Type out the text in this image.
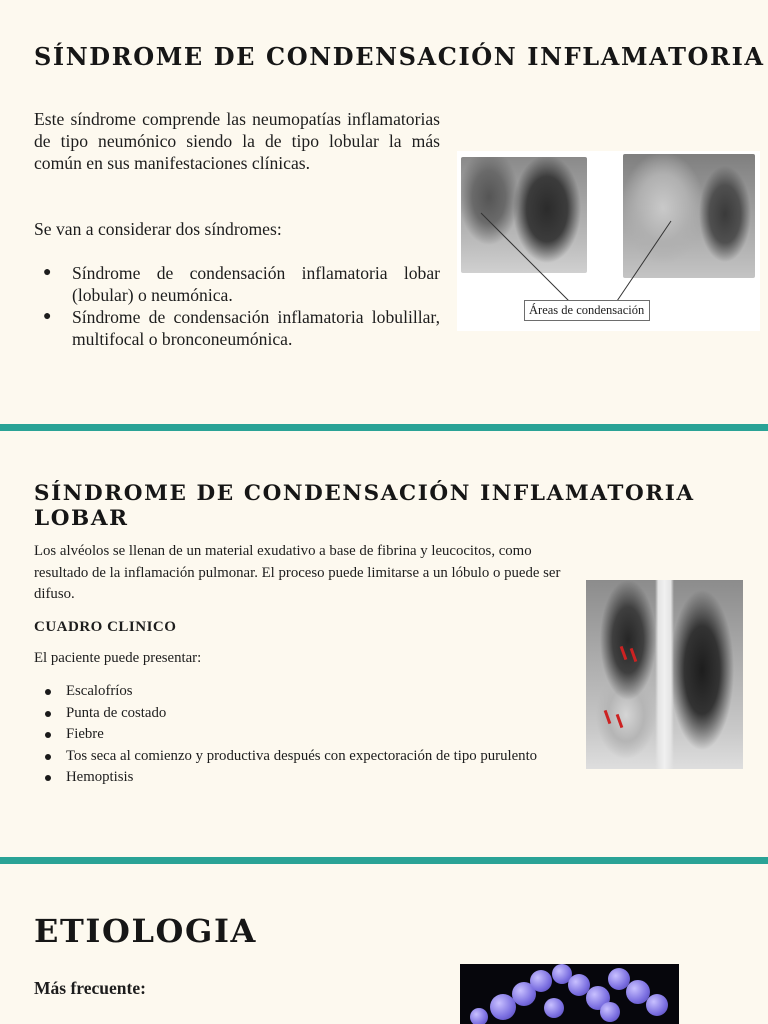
SÍNDROME DE CONDENSACIÓN INFLAMATORIA

Este síndrome comprende las neumopatías inflamatorias de tipo neumónico siendo la de tipo lobular la más común en sus manifestaciones clínicas.

Se van a considerar dos síndromes:

● Síndrome de condensación inflamatoria lobar (lobular) o neumónica.
● Síndrome de condensación inflamatoria lobulillar, multifocal o bronconeumónica.
Áreas de condensación
SÍNDROME DE CONDENSACIÓN INFLAMATORIA LOBAR

Los alvéolos se llenan de un material exudativo a base de fibrina y leucocitos, como resultado de la inflamación pulmonar. El proceso puede limitarse a un lóbulo o puede ser difuso.

CUADRO CLINICO

El paciente puede presentar:

Escalofríos
Punta de costado
Fiebre
Tos seca al comienzo y productiva después con expectoración de tipo purulento
Hemoptisis
ETIOLOGIA
Más frecuente:
